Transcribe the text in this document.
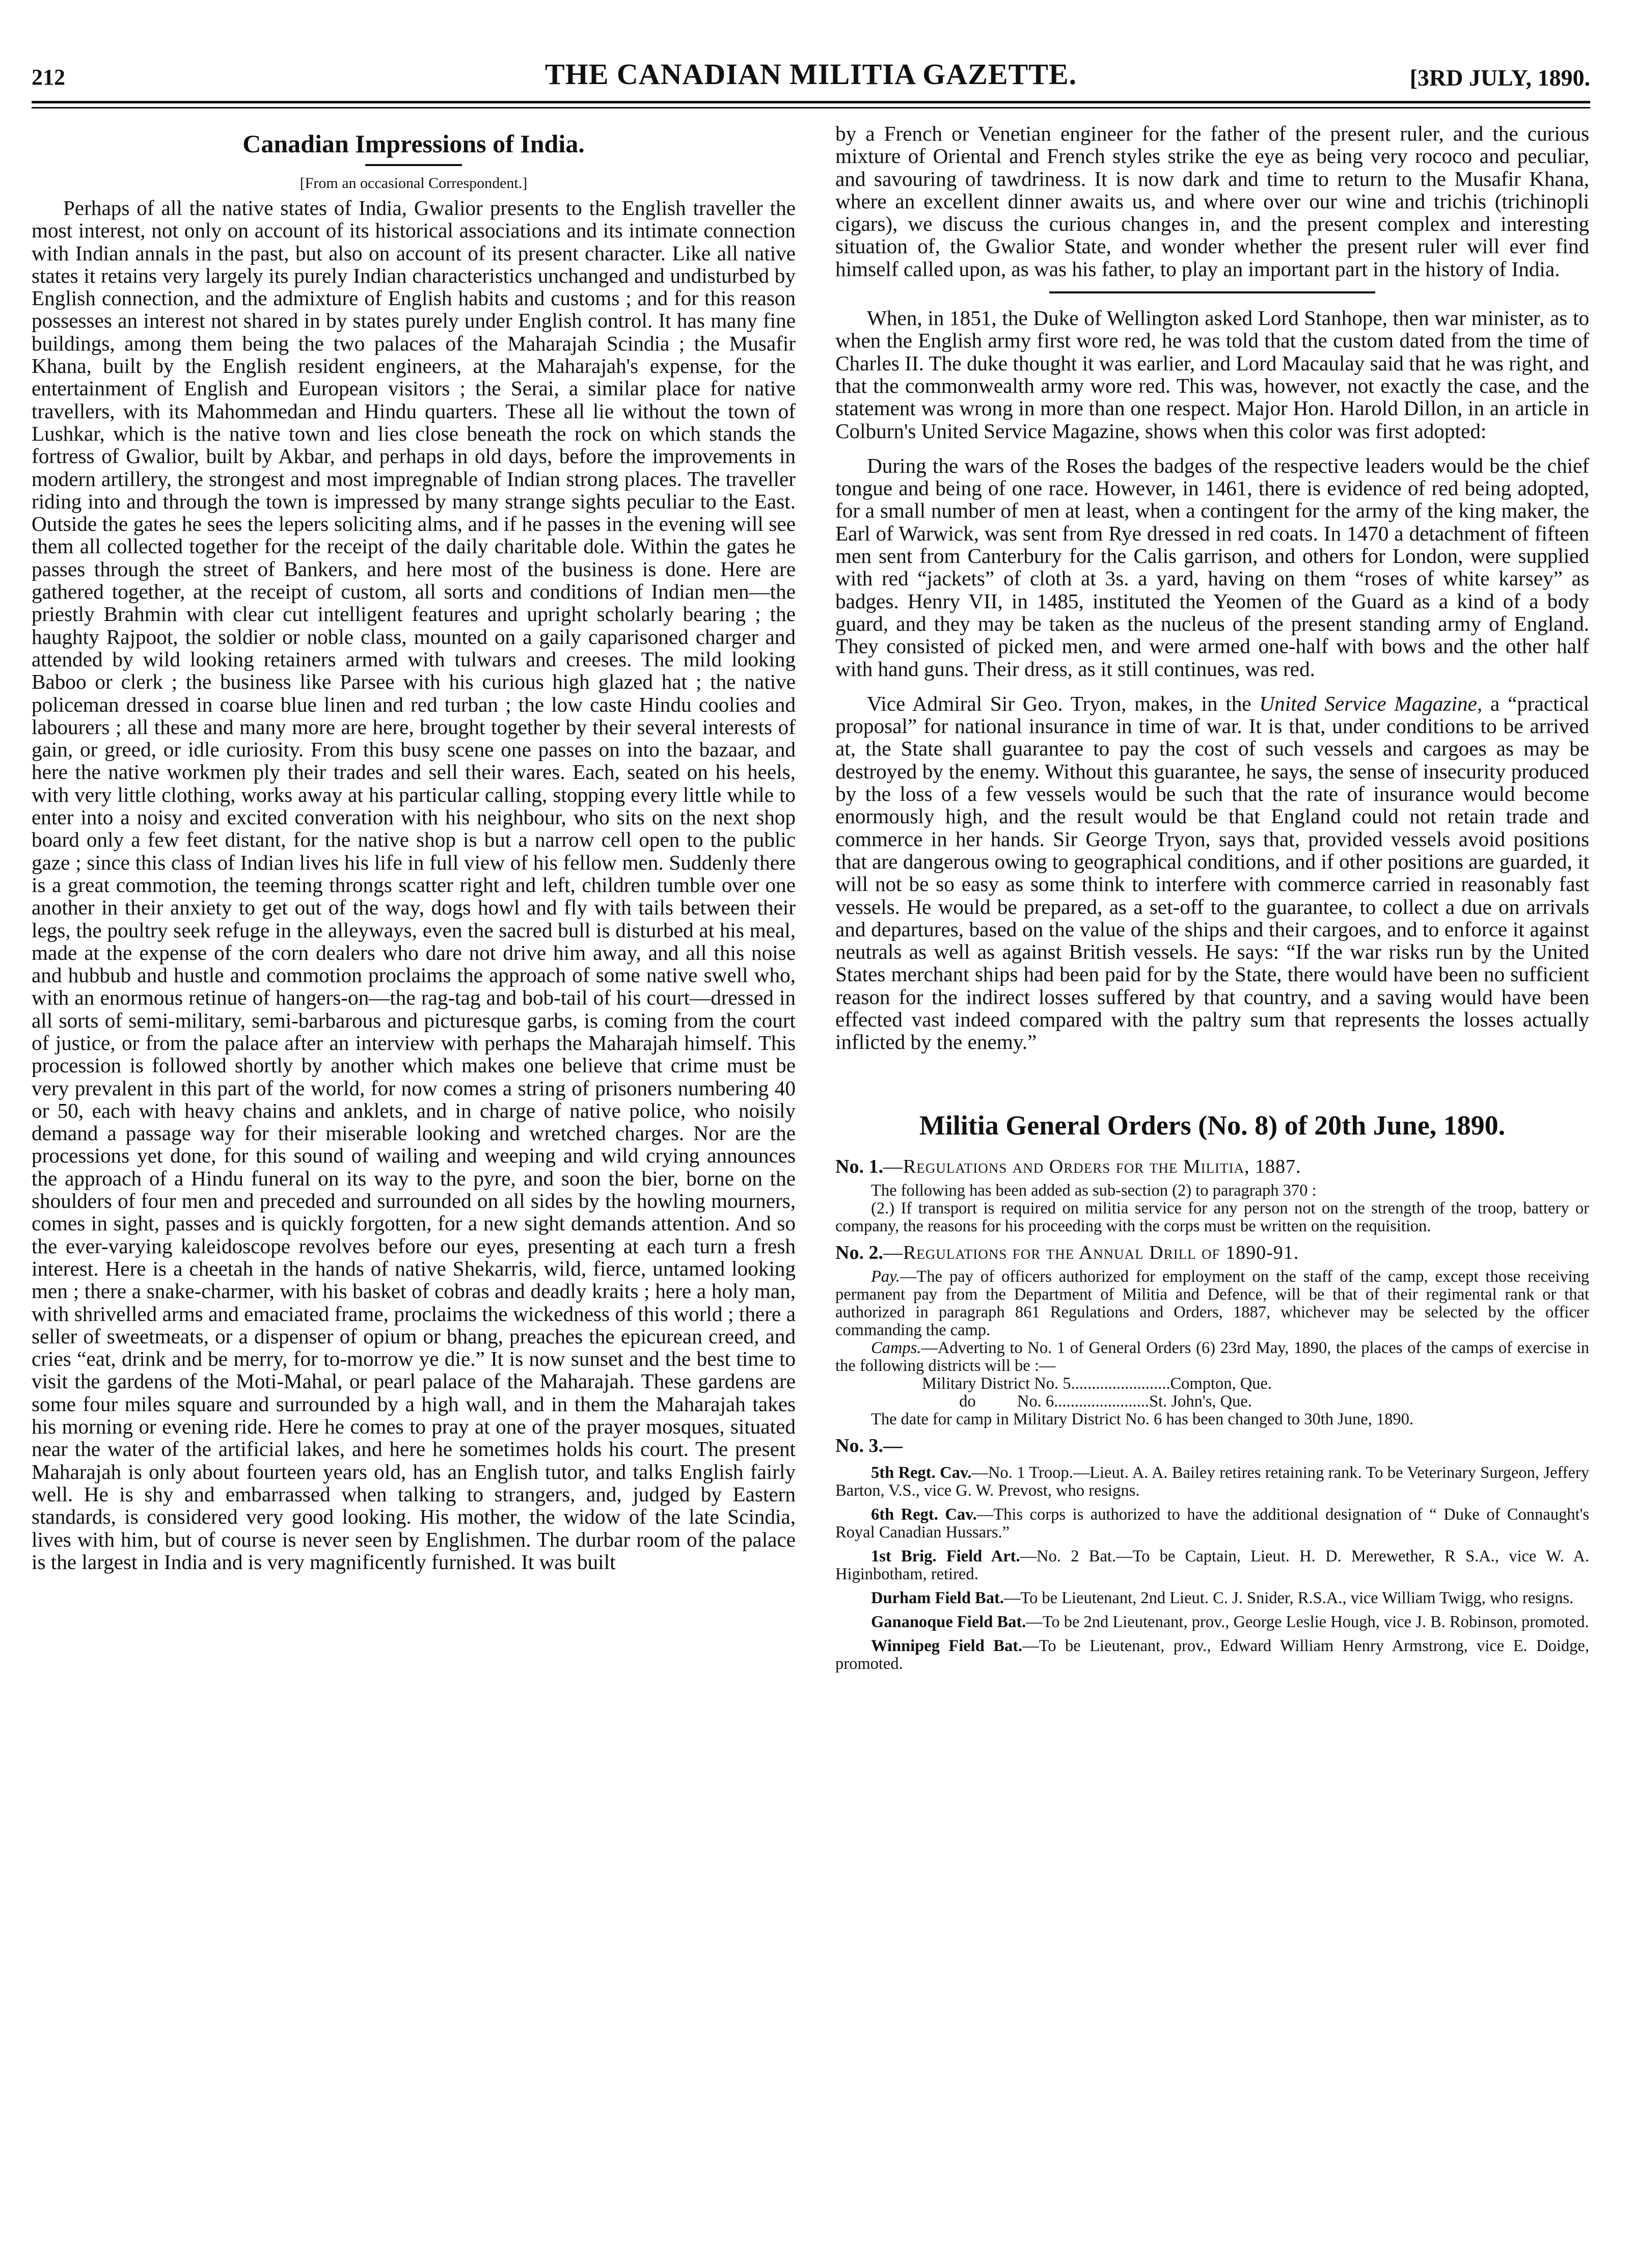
212	THE CANADIAN MILITIA GAZETTE.	[3RD JULY, 1890.
Canadian Impressions of India.
[From an occasional Correspondent.]

Perhaps of all the native states of India, Gwalior presents to the English traveller the most interest, not only on account of its historical associations and its intimate connection with Indian annals in the past, but also on account of its present character. Like all native states it retains very largely its purely Indian characteristics unchanged and undisturbed by English connection, and the admixture of English habits and customs ; and for this reason possesses an interest not shared in by states purely under English control. It has many fine buildings, among them being the two palaces of the Maharajah Scindia ; the Musafir Khana, built by the English resident engineers, at the Maharajah's expense, for the entertainment of English and European visitors ; the Serai, a similar place for native travellers, with its Mahommedan and Hindu quarters. These all lie without the town of Lushkar, which is the native town and lies close beneath the rock on which stands the fortress of Gwalior, built by Akbar, and perhaps in old days, before the improvements in modern artillery, the strongest and most impregnable of Indian strong places. The traveller riding into and through the town is impressed by many strange sights peculiar to the East. Outside the gates he sees the lepers soliciting alms, and if he passes in the evening will see them all collected together for the receipt of the daily charitable dole. Within the gates he passes through the street of Bankers, and here most of the business is done. Here are gathered together, at the receipt of custom, all sorts and conditions of Indian men—the priestly Brahmin with clear cut intelligent features and upright scholarly bearing ; the haughty Rajpoot, the soldier or noble class, mounted on a gaily caparisoned charger and attended by wild looking retainers armed with tulwars and creeses. The mild looking Baboo or clerk ; the business like Parsee with his curious high glazed hat ; the native policeman dressed in coarse blue linen and red turban ; the low caste Hindu coolies and labourers ; all these and many more are here, brought together by their several interests of gain, or greed, or idle curiosity. From this busy scene one passes on into the bazaar, and here the native workmen ply their trades and sell their wares. Each, seated on his heels, with very little clothing, works away at his particular calling, stopping every little while to enter into a noisy and excited converation with his neighbour, who sits on the next shop board only a few feet distant, for the native shop is but a narrow cell open to the public gaze ; since this class of Indian lives his life in full view of his fellow men. Suddenly there is a great commotion, the teeming throngs scatter right and left, children tumble over one another in their anxiety to get out of the way, dogs howl and fly with tails between their legs, the poultry seek refuge in the alleyways, even the sacred bull is disturbed at his meal, made at the expense of the corn dealers who dare not drive him away, and all this noise and hubbub and hustle and commotion proclaims the approach of some native swell who, with an enormous retinue of hangers-on—the rag-tag and bob-tail of his court—dressed in all sorts of semi-military, semi-barbarous and picturesque garbs, is coming from the court of justice, or from the palace after an interview with perhaps the Maharajah himself. This procession is followed shortly by another which makes one believe that crime must be very prevalent in this part of the world, for now comes a string of prisoners numbering 40 or 50, each with heavy chains and anklets, and in charge of native police, who noisily demand a passage way for their miserable looking and wretched charges. Nor are the processions yet done, for this sound of wailing and weeping and wild crying announces the approach of a Hindu funeral on its way to the pyre, and soon the bier, borne on the shoulders of four men and preceded and surrounded on all sides by the howling mourners, comes in sight, passes and is quickly forgotten, for a new sight demands attention. And so the ever-varying kaleidoscope revolves before our eyes, presenting at each turn a fresh interest. Here is a cheetah in the hands of native Shekarris, wild, fierce, untamed looking men ; there a snake-charmer, with his basket of cobras and deadly kraits ; here a holy man, with shrivelled arms and emaciated frame, proclaims the wickedness of this world ; there a seller of sweetmeats, or a dispenser of opium or bhang, preaches the epicurean creed, and cries “eat, drink and be merry, for to-morrow ye die.” It is now sunset and the best time to visit the gardens of the Moti-Mahal, or pearl palace of the Maharajah. These gardens are some four miles square and surrounded by a high wall, and in them the Maharajah takes his morning or evening ride. Here he comes to pray at one of the prayer mosques, situated near the water of the artificial lakes, and here he sometimes holds his court. The present Maharajah is only about fourteen years old, has an English tutor, and talks English fairly well. He is shy and embarrassed when talking to strangers, and, judged by Eastern standards, is considered very good looking. His mother, the widow of the late Scindia, lives with him, but of course is never seen by Englishmen. The durbar room of the palace is the largest in India and is very magnificently furnished. It was built

by a French or Venetian engineer for the father of the present ruler, and the curious mixture of Oriental and French styles strike the eye as being very rococo and peculiar, and savouring of tawdriness. It is now dark and time to return to the Musafir Khana, where an excellent dinner awaits us, and where over our wine and trichis (trichinopli cigars), we discuss the curious changes in, and the present complex and interesting situation of, the Gwalior State, and wonder whether the present ruler will ever find himself called upon, as was his father, to play an important part in the history of India.

When, in 1851, the Duke of Wellington asked Lord Stanhope, then war minister, as to when the English army first wore red, he was told that the custom dated from the time of Charles II. The duke thought it was earlier, and Lord Macaulay said that he was right, and that the commonwealth army wore red. This was, however, not exactly the case, and the statement was wrong in more than one respect. Major Hon. Harold Dillon, in an article in Colburn's United Service Magazine, shows when this color was first adopted:

During the wars of the Roses the badges of the respective leaders would be the chief tongue and being of one race. However, in 1461, there is evidence of red being adopted, for a small number of men at least, when a contingent for the army of the king maker, the Earl of Warwick, was sent from Rye dressed in red coats. In 1470 a detachment of fifteen men sent from Canterbury for the Calis garrison, and others for London, were supplied with red “jackets” of cloth at 3s. a yard, having on them “roses of white karsey” as badges. Henry VII, in 1485, instituted the Yeomen of the Guard as a kind of a body guard, and they may be taken as the nucleus of the present standing army of England. They consisted of picked men, and were armed one-half with bows and the other half with hand guns. Their dress, as it still continues, was red.

Vice Admiral Sir Geo. Tryon, makes, in the United Service Magazine, a “practical proposal” for national insurance in time of war. It is that, under conditions to be arrived at, the State shall guarantee to pay the cost of such vessels and cargoes as may be destroyed by the enemy. Without this guarantee, he says, the sense of insecurity produced by the loss of a few vessels would be such that the rate of insurance would become enormously high, and the result would be that England could not retain trade and commerce in her hands. Sir George Tryon, says that, provided vessels avoid positions that are dangerous owing to geographical conditions, and if other positions are guarded, it will not be so easy as some think to interfere with commerce carried in reasonably fast vessels. He would be prepared, as a set-off to the guarantee, to collect a due on arrivals and departures, based on the value of the ships and their cargoes, and to enforce it against neutrals as well as against British vessels. He says: “If the war risks run by the United States merchant ships had been paid for by the State, there would have been no sufficient reason for the indirect losses suffered by that country, and a saving would have been effected vast indeed compared with the paltry sum that represents the losses actually inflicted by the enemy.”

Militia General Orders (No. 8) of 20th June, 1890.
No. 1.—Regulations and Orders for the Militia, 1887.

The following has been added as sub-section (2) to paragraph 370 :

(2.) If transport is required on militia service for any person not on the strength of the troop, battery or company, the reasons for his proceeding with the corps must be written on the requisition.

No. 2.—Regulations for the Annual Drill of 1890-91.

Pay.—The pay of officers authorized for employment on the staff of the camp, except those receiving permanent pay from the Department of Militia and Defence, will be that of their regimental rank or that authorized in paragraph 861 Regulations and Orders, 1887, whichever may be selected by the officer commanding the camp.

Camps.—Adverting to No. 1 of General Orders (6) 23rd May, 1890, the places of the camps of exercise in the following districts will be :—

Military District No. 5........................Compton, Que.
do          No. 6.......................St. John's, Que.

The date for camp in Military District No. 6 has been changed to 30th June, 1890.

No. 3.—

5th Regt. Cav.—No. 1 Troop.—Lieut. A. A. Bailey retires retaining rank. To be Veterinary Surgeon, Jeffery Barton, V.S., vice G. W. Prevost, who resigns.

6th Regt. Cav.—This corps is authorized to have the additional designation of “ Duke of Connaught's Royal Canadian Hussars.”

1st Brig. Field Art.—No. 2 Bat.—To be Captain, Lieut. H. D. Merewether, R S.A., vice W. A. Higinbotham, retired.

Durham Field Bat.—To be Lieutenant, 2nd Lieut. C. J. Snider, R.S.A., vice William Twigg, who resigns.

Gananoque Field Bat.—To be 2nd Lieutenant, prov., George Leslie Hough, vice J. B. Robinson, promoted.

Winnipeg Field Bat.—To be Lieutenant, prov., Edward William Henry Armstrong, vice E. Doidge, promoted.
